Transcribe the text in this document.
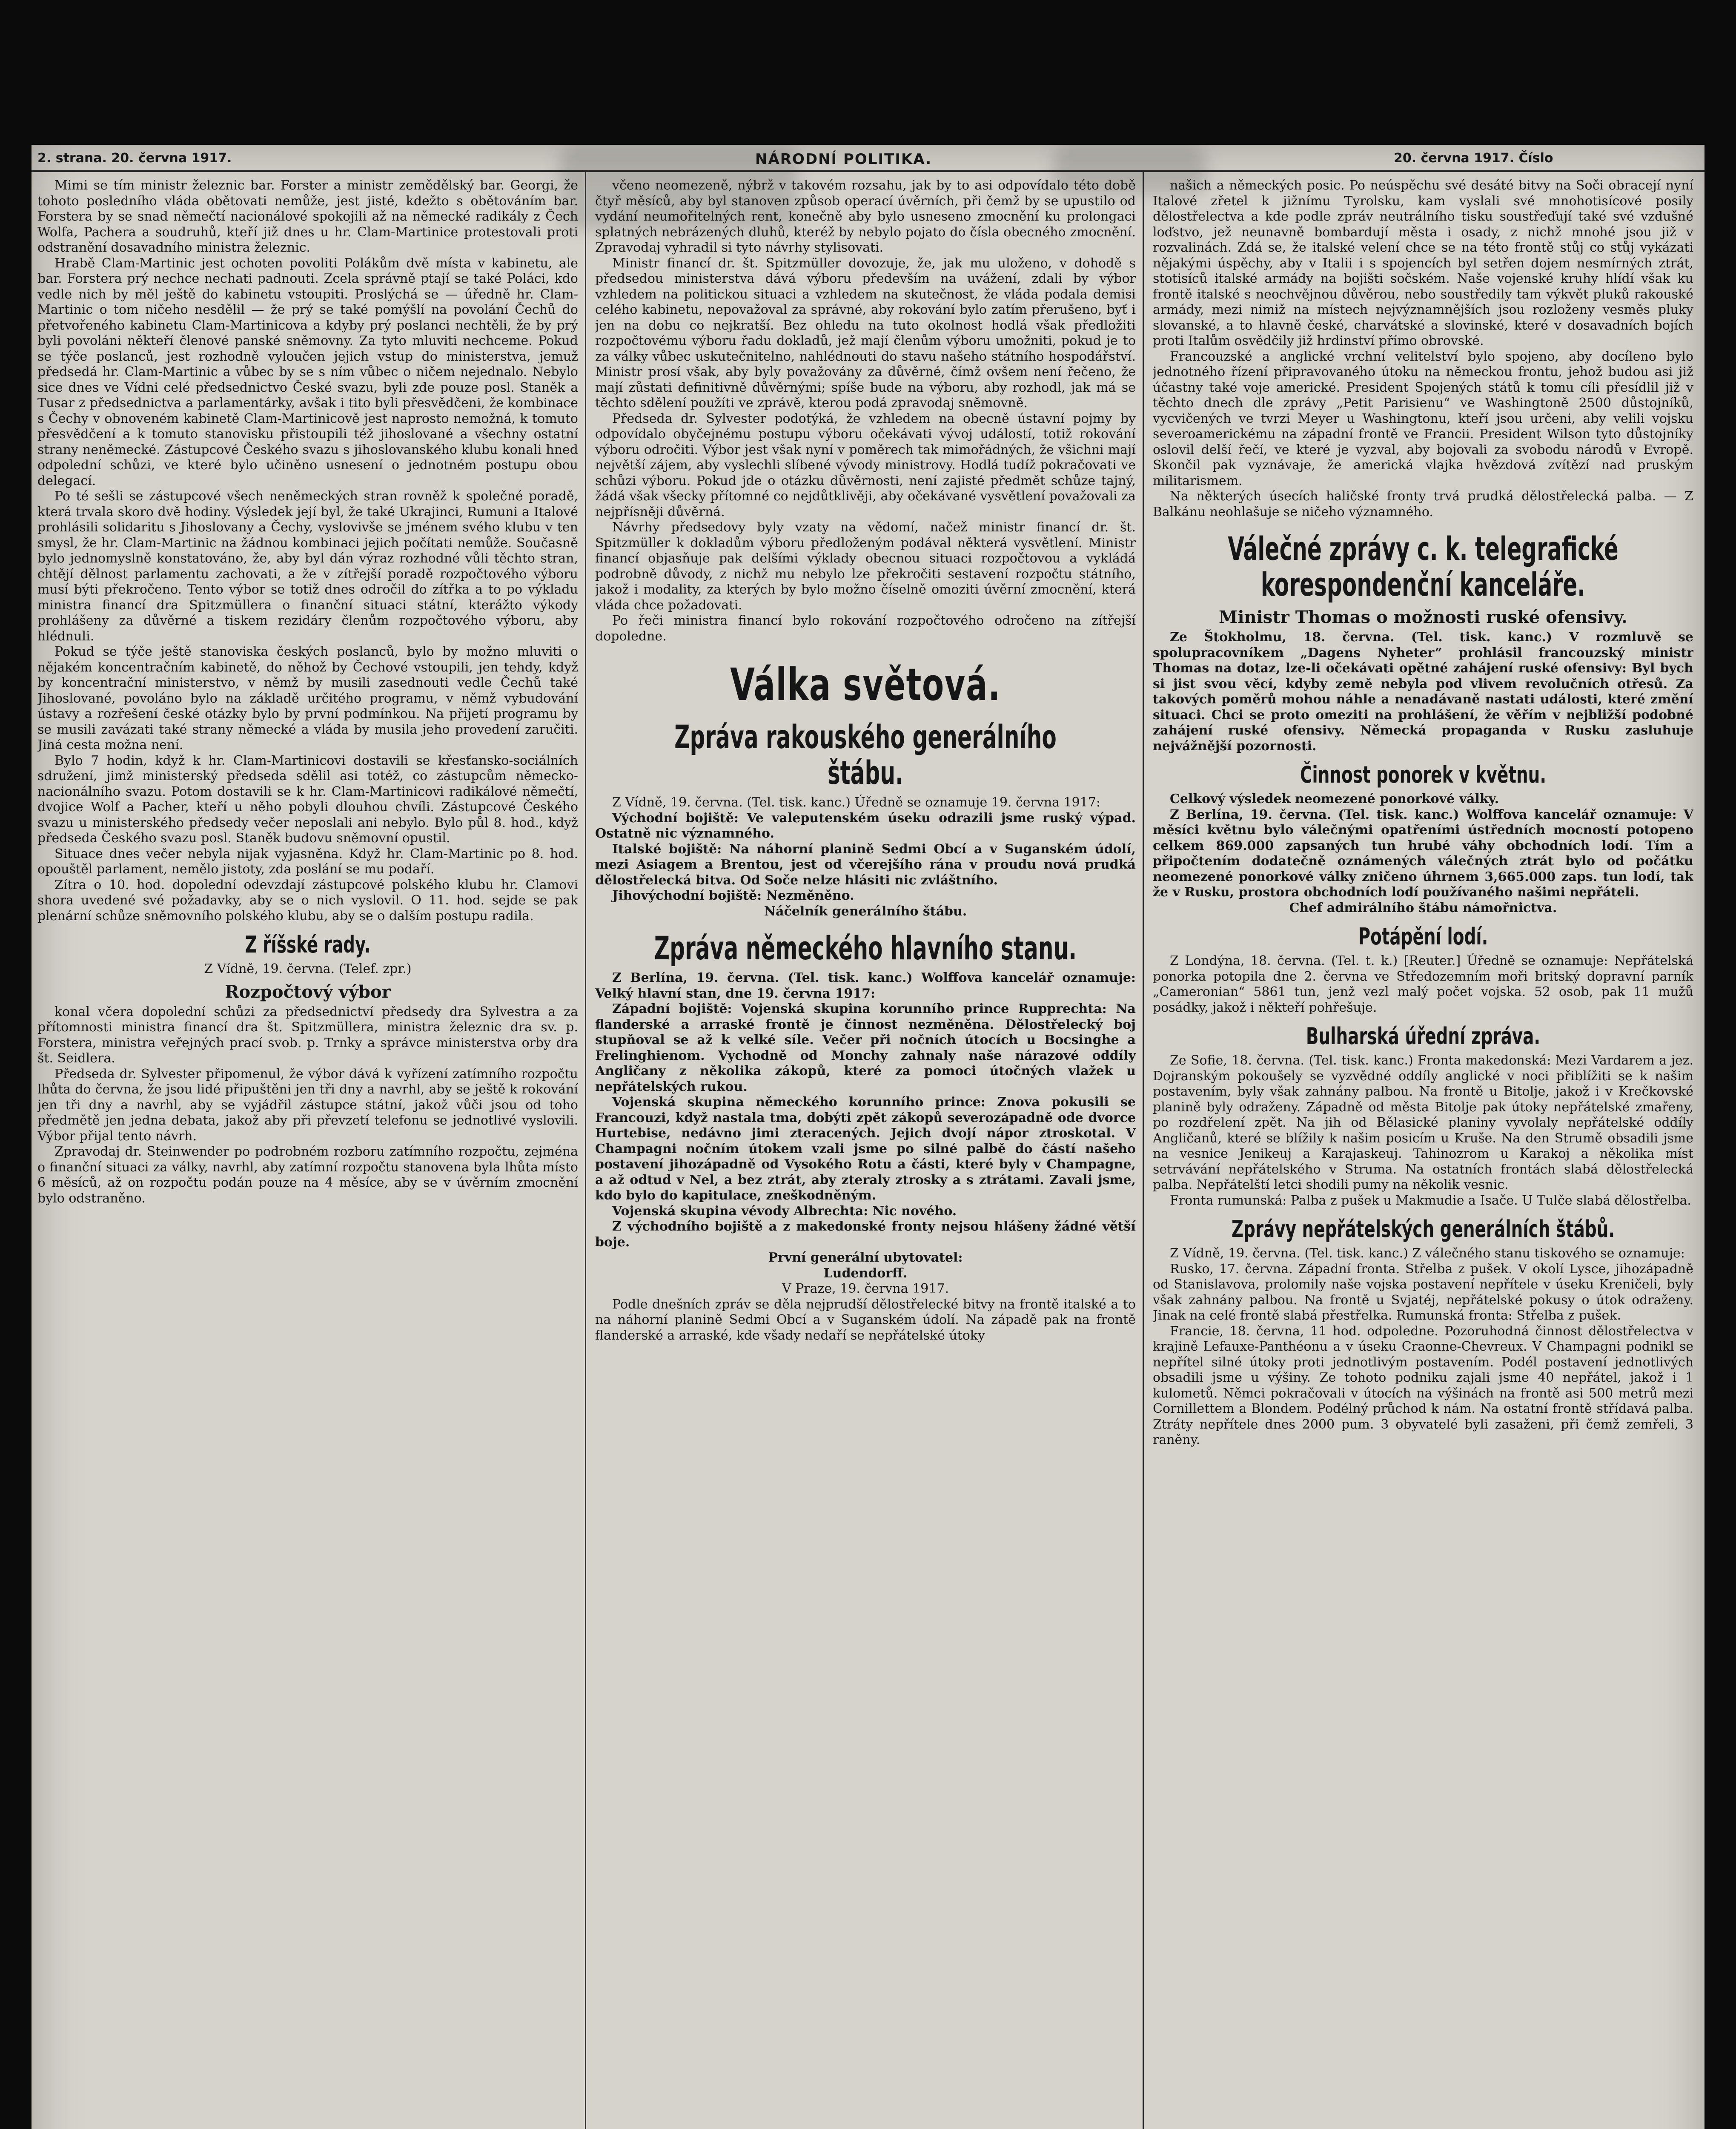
2. strana. 20. června 1917.	NÁRODNÍ POLITIKA.	20. června 1917. Číslo

Mimi se tím ministr železnic bar. Forster a ministr zemědělský bar. Georgi, že tohoto posledního vláda obětovati nemůže, jest jisté, kdežto s obětováním bar. Forstera by se snad němečtí nacionálové spokojili až na německé radikály z Čech Wolfa, Pachera a soudruhů, kteří již dnes u hr. Clam-Martinice protestovali proti odstranění dosavadního ministra železnic.

Hrabě Clam-Martinic jest ochoten povoliti Polákům dvě místa v kabinetu, ale bar. Forstera prý nechce nechati padnouti. Zcela správně ptají se také Poláci, kdo vedle nich by měl ještě do kabinetu vstoupiti. Proslýchá se — úředně hr. Clam-Martinic o tom ničeho nesdělil — že prý se také pomýšlí na povolání Čechů do přetvořeného kabinetu Clam-Martinicova a kdyby prý poslanci nechtěli, že by prý byli povoláni někteří členové panské sněmovny. Za tyto mluviti nechceme. Pokud se týče poslanců, jest rozhodně vyloučen jejich vstup do ministerstva, jemuž předsedá hr. Clam-Martinic a vůbec by se s ním vůbec o ničem nejednalo. Nebylo sice dnes ve Vídni celé předsednictvo České svazu, byli zde pouze posl. Staněk a Tusar z předsednictva a parlamentárky, avšak i tito byli přesvědčeni, že kombinace s Čechy v obnoveném kabinetě Clam-Martinicově jest naprosto nemožná, k tomuto přesvědčení a k tomuto stanovisku přistoupili též jihoslované a všechny ostatní strany neněmecké. Zástupcové Českého svazu s jihoslovanského klubu konali hned odpolední schůzi, ve které bylo učiněno usnesení o jednotném postupu obou delegací.

Po té sešli se zástupcové všech neněmeckých stran rovněž k společné poradě, která trvala skoro dvě hodiny. Výsledek její byl, že také Ukrajinci, Rumuni a Italové prohlásili solidaritu s Jihoslovany a Čechy, vyslovivše se jménem svého klubu v ten smysl, že hr. Clam-Martinic na žádnou kombinaci jejich počítati nemůže. Současně bylo jednomyslně konstatováno, že, aby byl dán výraz rozhodné vůli těchto stran, chtějí dělnost parlamentu zachovati, a že v zítřejší poradě rozpočtového výboru musí býti překročeno. Tento výbor se totiž dnes odročil do zítřka a to po výkladu ministra financí dra Spitzmüllera o finanční situaci státní, kterážto výkody prohlášeny za důvěrné a tiskem rezidáry členům rozpočtového výboru, aby hlédnuli.

Pokud se týče ještě stanoviska českých poslanců, bylo by možno mluviti o nějakém koncentračním kabinetě, do něhož by Čechové vstoupili, jen tehdy, když by koncentrační ministerstvo, v němž by musili zasednouti vedle Čechů také Jihoslované, povoláno bylo na základě určitého programu, v němž vybudování ústavy a rozřešení české otázky bylo by první podmínkou. Na přijetí programu by se musili zavázati také strany německé a vláda by musila jeho provedení zaručiti. Jiná cesta možna není.

Bylo 7 hodin, když k hr. Clam-Martinicovi dostavili se křesťansko-sociálních sdružení, jimž ministerský předseda sdělil asi totéž, co zástupcům německo-nacionálního svazu. Potom dostavili se k hr. Clam-Martinicovi radikálové němečtí, dvojice Wolf a Pacher, kteří u něho pobyli dlouhou chvíli. Zástupcové Českého svazu u ministerského předsedy večer neposlali ani nebylo. Bylo půl 8. hod., když předseda Českého svazu posl. Staněk budovu sněmovní opustil.

Situace dnes večer nebyla nijak vyjasněna. Když hr. Clam-Martinic po 8. hod. opouštěl parlament, nemělo jistoty, zda poslání se mu podaří.

Zítra o 10. hod. dopolední odevzdají zástupcové polského klubu hr. Clamovi shora uvedené své požadavky, aby se o nich vyslovil. O 11. hod. sejde se pak plenární schůze sněmovního polského klubu, aby se o dalším postupu radila.

Z říšské rady.

Z Vídně, 19. června. (Telef. zpr.)

Rozpočtový výbor

konal včera dopolední schůzi za předsednictví předsedy dra Sylvestra a za přítomnosti ministra financí dra št. Spitzmüllera, ministra železnic dra sv. p. Forstera, ministra veřejných prací svob. p. Trnky a správce ministerstva orby dra št. Seidlera.

Předseda dr. Sylvester připomenul, že výbor dává k vyřízení zatímního rozpočtu lhůta do června, že jsou lidé připuštěni jen tři dny a navrhl, aby se ještě k rokování jen tři dny a navrhl, aby se vyjádřil zástupce státní, jakož vůči jsou od toho předmětě jen jedna debata, jakož aby při převzetí telefonu se jednotlivé vyslovili. Výbor přijal tento návrh.

Zpravodaj dr. Steinwender po podrobném rozboru zatímního rozpočtu, zejména o finanční situaci za války, navrhl, aby zatímní rozpočtu stanovena byla lhůta místo 6 měsíců, až on rozpočtu podán pouze na 4 měsíce, aby se v úvěrním zmocnění bylo odstraněno.

včeno neomezeně, nýbrž v takovém rozsahu, jak by to asi odpovídalo této době čtyř měsíců, aby byl stanoven způsob operací úvěrních, při čemž by se upustilo od vydání neumořitelných rent, konečně aby bylo usneseno zmocnění ku prolongaci splatných nebrázených dluhů, kteréž by nebylo pojato do čísla obecného zmocnění. Zpravodaj vyhradil si tyto návrhy stylisovati.

Ministr financí dr. št. Spitzmüller dovozuje, že, jak mu uloženo, v dohodě s předsedou ministerstva dává výboru především na uvážení, zdali by výbor vzhledem na politickou situaci a vzhledem na skutečnost, že vláda podala demisi celého kabinetu, nepovažoval za správné, aby rokování bylo zatím přerušeno, byť i jen na dobu co nejkratší. Bez ohledu na tuto okolnost hodlá však předložiti rozpočtovému výboru řadu dokladů, jež mají členům výboru umožniti, pokud je to za války vůbec uskutečnitelno, nahlédnouti do stavu našeho státního hospodářství. Ministr prosí však, aby byly považovány za důvěrné, čímž ovšem není řečeno, že mají zůstati definitivně důvěrnými; spíše bude na výboru, aby rozhodl, jak má se těchto sdělení použíti ve zprávě, kterou podá zpravodaj sněmovně.

Předseda dr. Sylvester podotýká, že vzhledem na obecně ústavní pojmy by odpovídalo obyčejnému postupu výboru očekávati vývoj událostí, totiž rokování výboru odročiti. Výbor jest však nyní v poměrech tak mimořádných, že všichni mají největší zájem, aby vyslechli slíbené vývody ministrovy. Hodlá tudíž pokračovati ve schůzi výboru. Pokud jde o otázku důvěrnosti, není zajisté předmět schůze tajný, žádá však všecky přítomné co nejdůtklivěji, aby očekávané vysvětlení považovali za nejpřísněji důvěrná.

Návrhy předsedovy byly vzaty na vědomí, načež ministr financí dr. št. Spitzmüller k dokladům výboru předloženým podával některá vysvětlení. Ministr financí objasňuje pak delšími výklady obecnou situaci rozpočtovou a vykládá podrobně důvody, z nichž mu nebylo lze překročiti sestavení rozpočtu státního, jakož i modality, za kterých by bylo možno číselně omoziti úvěrní zmocnění, která vláda chce požadovati.

Po řeči ministra financí bylo rokování rozpočtového odročeno na zítřejší dopoledne.

Válka světová.
Zpráva rakouského generálního štábu.

Z Vídně, 19. června. (Tel. tisk. kanc.) Úředně se oznamuje 19. června 1917:

Východní bojiště: Ve valeputenském úseku odrazili jsme ruský výpad. Ostatně nic významného.

Italské bojiště: Na náhorní planině Sedmi Obcí a v Suganském údolí, mezi Asiagem a Brentou, jest od včerejšího rána v proudu nová prudká dělostřelecká bitva. Od Soče nelze hlásiti nic zvláštního.

Jihovýchodní bojiště: Nezměněno.

Náčelník generálního štábu.

Zpráva německého hlavního stanu.

Z Berlína, 19. června. (Tel. tisk. kanc.) Wolffova kancelář oznamuje: Velký hlavní stan, dne 19. června 1917:

Západní bojiště: Vojenská skupina korunního prince Rupprechta: Na flanderské a arraské frontě je činnost nezměněna. Dělostřelecký boj stupňoval se až k velké síle. Večer při nočních útocích u Bocsinghe a Frelinghienom. Vychodně od Monchy zahnaly naše nárazové oddíly Angličany z několika zákopů, které za pomoci útočných vlažek u nepřátelských rukou.

Vojenská skupina německého korunního prince: Znova pokusili se Francouzi, když nastala tma, dobýti zpět zákopů severozápadně ode dvorce Hurtebise, nedávno jimi zteracených. Jejich dvojí nápor ztroskotal. V Champagni nočním útokem vzali jsme po silné palbě do částí našeho postavení jihozápadně od Vysokého Rotu a části, které byly v Champagne, a až odtud v Nel, a bez ztrát, aby zteraly ztrosky a s ztrátami. Zavali jsme, kdo bylo do kapitulace, zneškodněným.

Vojenská skupina vévody Albrechta: Nic nového.

Z východního bojiště a z makedonské fronty nejsou hlášeny žádné větší boje.

První generální ubytovatel:

Ludendorff.

V Praze, 19. června 1917.

Podle dnešních zpráv se děla nejprudší dělostřelecké bitvy na frontě italské a to na náhorní planině Sedmi Obcí a v Suganském údolí. Na západě pak na frontě flanderské a arraské, kde všady nedaří se nepřátelské útoky

našich a německých posic. Po neúspěchu své desáté bitvy na Soči obracejí nyní Italové zřetel k jižnímu Tyrolsku, kam vyslali své mnohotisícové posily dělostřelectva a kde podle zpráv neutrálního tisku soustřeďují také své vzdušné loďstvo, jež neunavně bombardují města i osady, z nichž mnohé jsou již v rozvalinách. Zdá se, že italské velení chce se na této frontě stůj co stůj vykázati nějakými úspěchy, aby v Italii i s spojencích byl setřen dojem nesmírných ztrát, stotisíců italské armády na bojišti sočském. Naše vojenské kruhy hlídí však ku frontě italské s neochvějnou důvěrou, nebo soustředily tam výkvět pluků rakouské armády, mezi nimiž na místech nejvýznamnějších jsou rozloženy vesměs pluky slovanské, a to hlavně české, charvátské a slovinské, které v dosavadních bojích proti Italům osvědčily již hrdinství přímo obrovské.

Francouzské a anglické vrchní velitelství bylo spojeno, aby docíleno bylo jednotného řízení připravovaného útoku na německou frontu, jehož budou asi již účastny také voje americké. President Spojených států k tomu cíli přesídlil již v těchto dnech dle zprávy „Petit Parisienu“ ve Washingtoně 2500 důstojníků, vycvičených ve tvrzi Meyer u Washingtonu, kteří jsou určeni, aby velili vojsku severoamerickému na západní frontě ve Francii. President Wilson tyto důstojníky oslovil delší řečí, ve které je vyzval, aby bojovali za svobodu národů v Evropě. Skončil pak vyznávaje, že americká vlajka hvězdová zvítězí nad pruským militarismem.

Na některých úsecích haličské fronty trvá prudká dělostřelecká palba. — Z Balkánu neohlašuje se ničeho významného.

Válečné zprávy c. k. telegrafické korespondenční kanceláře.
Ministr Thomas o možnosti ruské ofensivy.

Ze Štokholmu, 18. června. (Tel. tisk. kanc.) V rozmluvě se spolupracovníkem „Dagens Nyheter“ prohlásil francouzský ministr Thomas na dotaz, lze-li očekávati opětné zahájení ruské ofensivy: Byl bych si jist svou věcí, kdyby země nebyla pod vlivem revolučních otřesů. Za takových poměrů mohou náhle a nenadávaně nastati události, které změní situaci. Chci se proto omeziti na prohlášení, že věřím v nejbližší podobné zahájení ruské ofensivy. Německá propaganda v Rusku zasluhuje nejvážnější pozornosti.

Činnost ponorek v květnu.

Celkový výsledek neomezené ponorkové války.

Z Berlína, 19. června. (Tel. tisk. kanc.) Wolffova kancelář oznamuje: V měsíci květnu bylo válečnými opatřeními ústředních mocností potopeno celkem 869.000 zapsaných tun hrubé váhy obchodních lodí. Tím a připočtením dodatečně oznámených válečných ztrát bylo od počátku neomezené ponorkové války zničeno úhrnem 3,665.000 zaps. tun lodí, tak že v Rusku, prostora obchodních lodí používaného našimi nepřáteli.

Chef admirálního štábu námořnictva.

Potápění lodí.

Z Londýna, 18. června. (Tel. t. k.) [Reuter.] Úředně se oznamuje: Nepřátelská ponorka potopila dne 2. června ve Středozemním moři britský dopravní parník „Cameronian“ 5861 tun, jenž vezl malý počet vojska. 52 osob, pak 11 mužů posádky, jakož i někteří pohřešuje.

Bulharská úřední zpráva.

Ze Sofie, 18. června. (Tel. tisk. kanc.) Fronta makedonská: Mezi Vardarem a jez. Dojranským pokoušely se vyzvědné oddíly anglické v noci přiblížiti se k našim postavením, byly však zahnány palbou. Na frontě u Bitolje, jakož i v Krečkovské planině byly odraženy. Západně od města Bitolje pak útoky nepřátelské zmařeny, po rozdřelení zpět. Na jih od Bělasické planiny vyvolaly nepřátelské oddíly Angličanů, které se blížily k našim posicím u Kruše. Na den Strumě obsadili jsme na vesnice Jenikeuj a Karajaskeuj. Tahinozrom u Karakoj a několika míst setrvávání nepřátelského v Struma. Na ostatních frontách slabá dělostřelecká palba. Nepřátelští letci shodili pumy na několik vesnic.

Fronta rumunská: Palba z pušek u Makmudie a Isače. U Tulče slabá dělostřelba.

Zprávy nepřátelských generálních štábů.

Z Vídně, 19. června. (Tel. tisk. kanc.) Z válečného stanu tiskového se oznamuje:

Rusko, 17. června. Západní fronta. Střelba z pušek. V okolí Lysce, jihozápadně od Stanislavova, prolomily naše vojska postavení nepřítele v úseku Kreničeli, byly však zahnány palbou. Na frontě u Svjatéj, nepřátelské pokusy o útok odraženy. Jinak na celé frontě slabá přestřelka. Rumunská fronta: Střelba z pušek.

Francie, 18. června, 11 hod. odpoledne. Pozoruhodná činnost dělostřelectva v krajině Lefauxe-Panthéonu a v úseku Craonne-Chevreux. V Champagni podnikl se nepřítel silné útoky proti jednotlivým postavením. Podél postavení jednotlivých obsadili jsme u výšiny. Ze tohoto podniku zajali jsme 40 nepřátel, jakož i 1 kulometů. Němci pokračovali v útocích na výšinách na frontě asi 500 metrů mezi Cornillettem a Blondem. Podélný průchod k nám. Na ostatní frontě střídavá palba. Ztráty nepřítele dnes 2000 pum. 3 obyvatelé byli zasaženi, při čemž zemřeli, 3 raněny.
